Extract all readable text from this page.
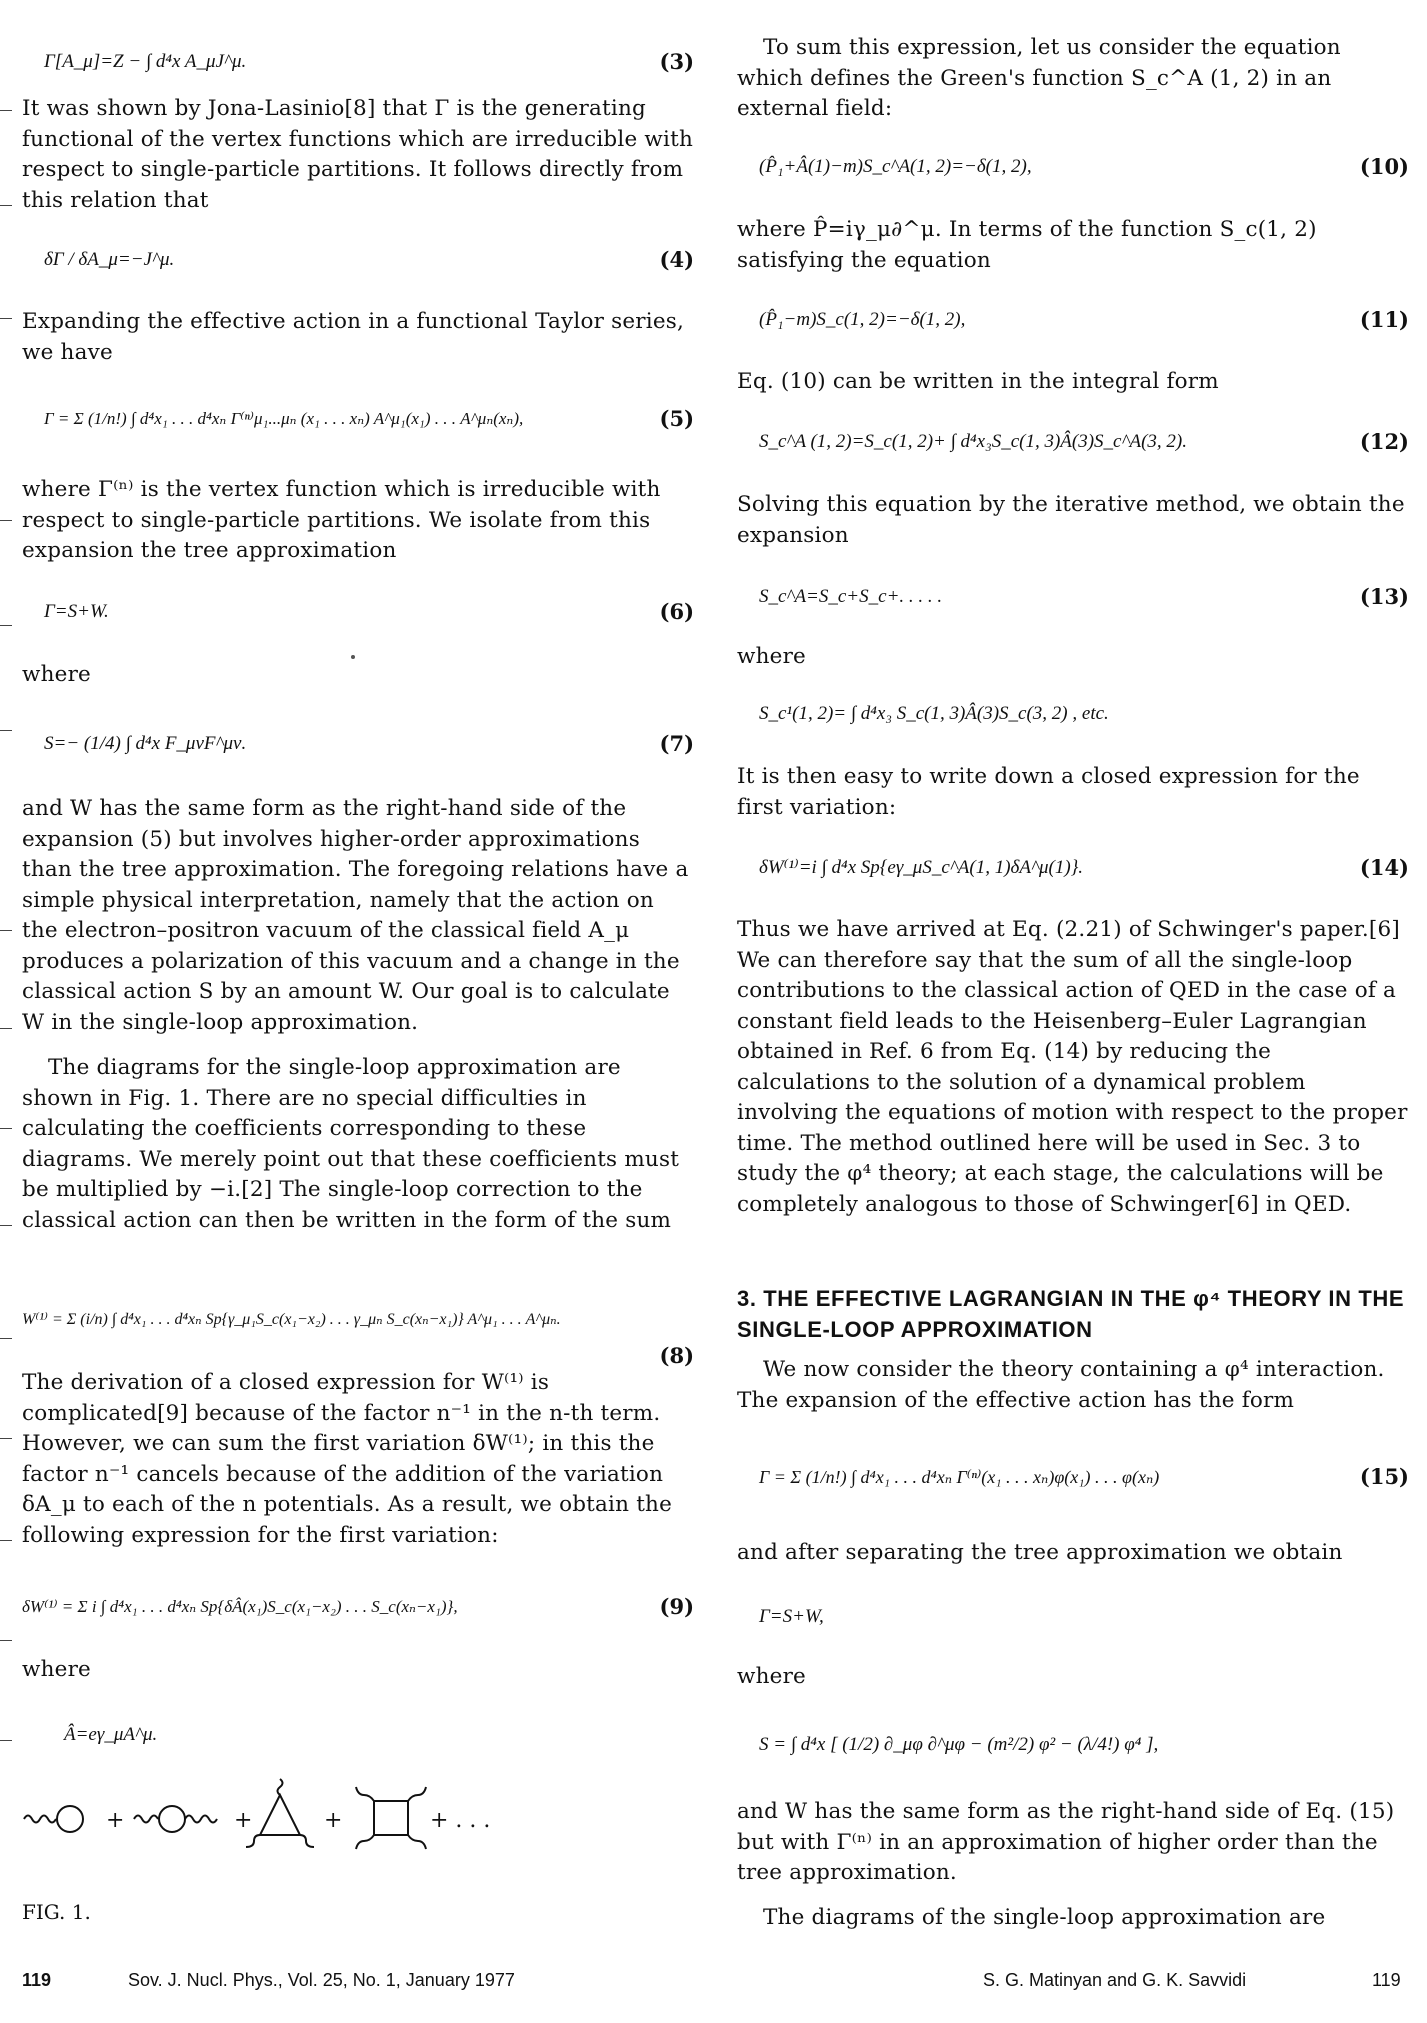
Γ[A_μ]=Z − ∫ d⁴x A_μJ^μ.	(3)

It was shown by Jona-Lasinio[8] that Γ is the generating functional of the vertex functions which are irreducible with respect to single-particle partitions. It follows directly from this relation that

δΓ / δA_μ=−J^μ.	(4)

Expanding the effective action in a functional Taylor series, we have

Γ = Σ (1/n!) ∫ d⁴x₁ . . . d⁴xₙ Γ⁽ⁿ⁾μ₁...μₙ (x₁ . . . xₙ) A^μ₁(x₁) . . . A^μₙ(xₙ),	(5)

where Γ⁽ⁿ⁾ is the vertex function which is irreducible with respect to single-particle partitions. We isolate from this expansion the tree approximation

Γ=S+W.	(6)

where

S=− (1/4) ∫ d⁴x F_μνF^μν.	(7)

and W has the same form as the right-hand side of the expansion (5) but involves higher-order approximations than the tree approximation. The foregoing relations have a simple physical interpretation, namely that the action on the electron–positron vacuum of the classical field A_μ produces a polarization of this vacuum and a change in the classical action S by an amount W. Our goal is to calculate W in the single-loop approximation.

The diagrams for the single-loop approximation are shown in Fig. 1. There are no special difficulties in calculating the coefficients corresponding to these diagrams. We merely point out that these coefficients must be multiplied by −i.[2] The single-loop correction to the classical action can then be written in the form of the sum

W⁽¹⁾ = Σ (i/n) ∫ d⁴x₁ . . . d⁴xₙ Sp{γ_μ₁S_c(x₁−x₂) . . . γ_μₙ S_c(xₙ−x₁)} A^μ₁ . . . A^μₙ.
(8)

The derivation of a closed expression for W⁽¹⁾ is complicated[9] because of the factor n⁻¹ in the n-th term. However, we can sum the first variation δW⁽¹⁾; in this the factor n⁻¹ cancels because of the addition of the variation δA_μ to each of the n potentials. As a result, we obtain the following expression for the first variation:

δW⁽¹⁾ = Σ i ∫ d⁴x₁ . . . d⁴xₙ Sp{δÂ(x₁)S_c(x₁−x₂) . . . S_c(xₙ−x₁)},	(9)

where

Â=eγ_μA^μ.
+	+	+	+ . . .
FIG. 1.

To sum this expression, let us consider the equation which defines the Green's function S_c^A (1, 2) in an external field:

(P̂₁+Â(1)−m)S_c^A(1, 2)=−δ(1, 2),	(10)

where P̂=iγ_μ∂^μ. In terms of the function S_c(1, 2) satisfying the equation

(P̂₁−m)S_c(1, 2)=−δ(1, 2),	(11)

Eq. (10) can be written in the integral form

S_c^A (1, 2)=S_c(1, 2)+ ∫ d⁴x₃S_c(1, 3)Â(3)S_c^A(3, 2).	(12)

Solving this equation by the iterative method, we obtain the expansion

S_c^A=S_c+S_c+. . . . .	(13)

where

S_c¹(1, 2)= ∫ d⁴x₃ S_c(1, 3)Â(3)S_c(3, 2) , etc.

It is then easy to write down a closed expression for the first variation:

δW⁽¹⁾=i ∫ d⁴x Sp{eγ_μS_c^A(1, 1)δA^μ(1)}.	(14)

Thus we have arrived at Eq. (2.21) of Schwinger's paper.[6] We can therefore say that the sum of all the single-loop contributions to the classical action of QED in the case of a constant field leads to the Heisenberg–Euler Lagrangian obtained in Ref. 6 from Eq. (14) by reducing the calculations to the solution of a dynamical problem involving the equations of motion with respect to the proper time. The method outlined here will be used in Sec. 3 to study the φ⁴ theory; at each stage, the calculations will be completely analogous to those of Schwinger[6] in QED.

3. THE EFFECTIVE LAGRANGIAN IN THE φ⁴ THEORY IN THE SINGLE-LOOP APPROXIMATION

We now consider the theory containing a φ⁴ interaction. The expansion of the effective action has the form

Γ = Σ (1/n!) ∫ d⁴x₁ . . . d⁴xₙ Γ⁽ⁿ⁾(x₁ . . . xₙ)φ(x₁) . . . φ(xₙ)	(15)

and after separating the tree approximation we obtain

Γ=S+W,

where

S = ∫ d⁴x [ (1/2) ∂_μφ ∂^μφ − (m²/2) φ² − (λ/4!) φ⁴ ],

and W has the same form as the right-hand side of Eq. (15) but with Γ⁽ⁿ⁾ in an approximation of higher order than the tree approximation.

The diagrams of the single-loop approximation are

119	Sov. J. Nucl. Phys., Vol. 25, No. 1, January 1977	S. G. Matinyan and G. K. Savvidi	119
